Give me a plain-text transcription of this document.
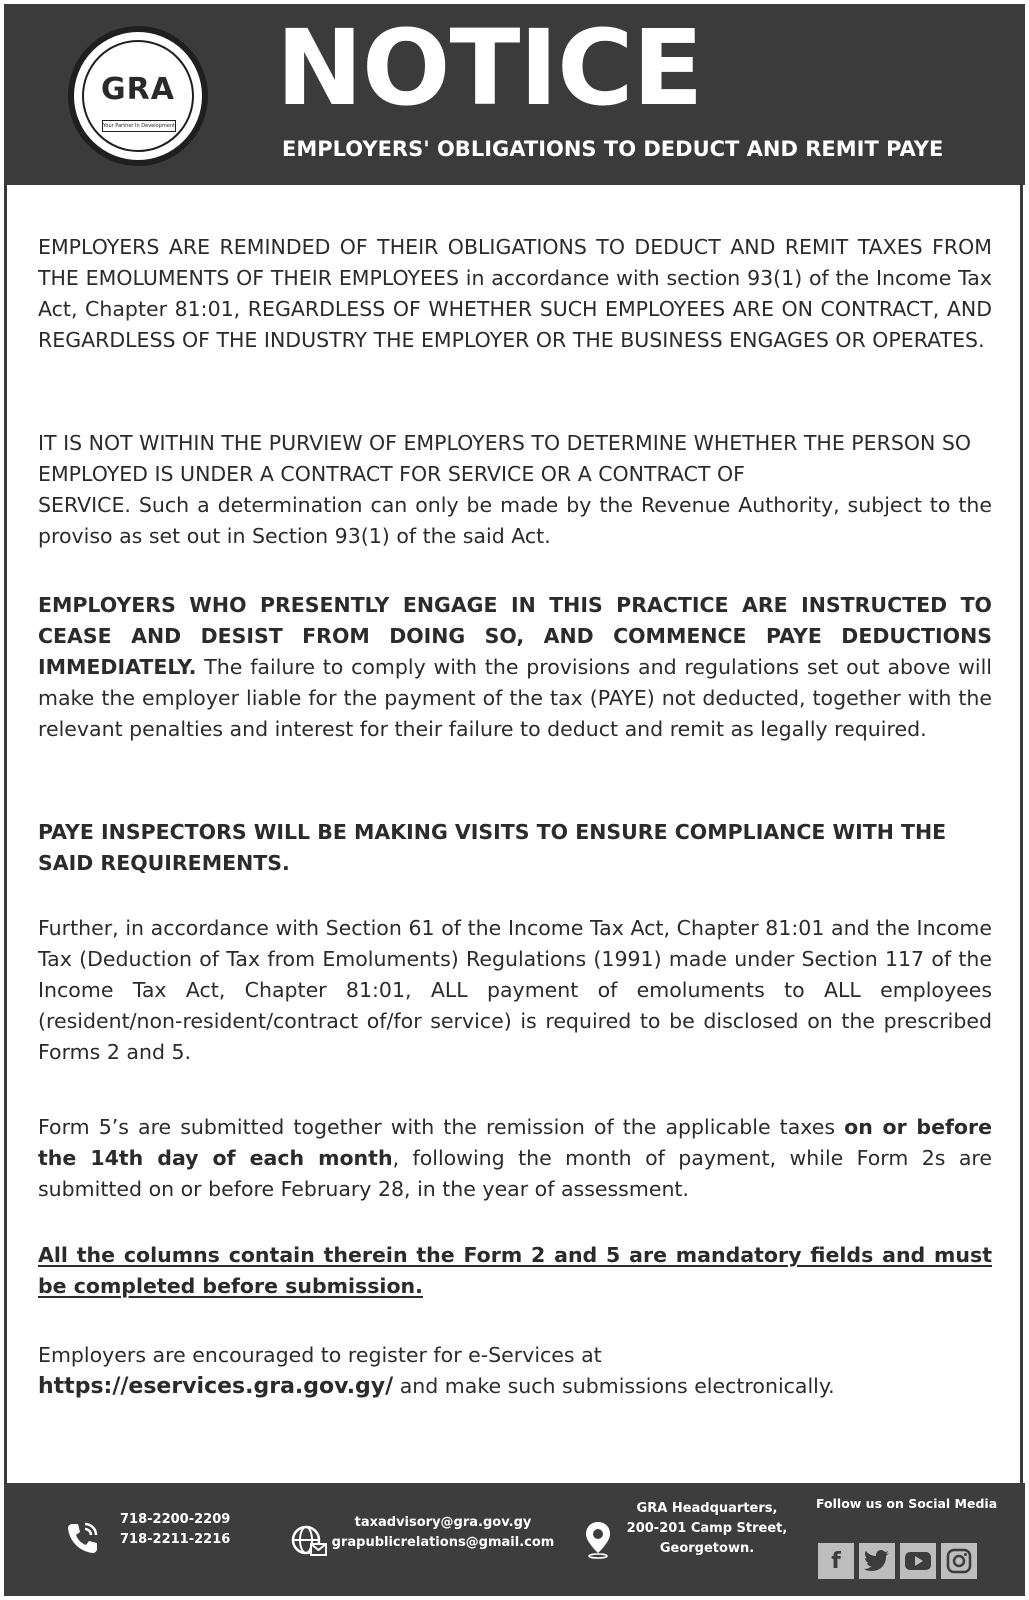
GRA
Your Partner In Development NOTICE
EMPLOYERS' OBLIGATIONS TO DEDUCT AND REMIT PAYE
EMPLOYERS ARE REMINDED OF THEIR OBLIGATIONS TO DEDUCT AND REMIT TAXES FROM THE EMOLUMENTS OF THEIR EMPLOYEES in accordance with section 93(1) of the Income Tax Act, Chapter 81:01, REGARDLESS OF WHETHER SUCH EMPLOYEES ARE ON CONTRACT, AND REGARDLESS OF THE INDUSTRY THE EMPLOYER OR THE BUSINESS ENGAGES OR OPERATES.
IT IS NOT WITHIN THE PURVIEW OF EMPLOYERS TO DETERMINE WHETHER THE PERSON SO
EMPLOYED IS UNDER A CONTRACT FOR SERVICE OR A CONTRACT OF
SERVICE. Such a determination can only be made by the Revenue Authority, subject to the proviso as set out in Section 93(1) of the said Act.
EMPLOYERS WHO PRESENTLY ENGAGE IN THIS PRACTICE ARE INSTRUCTED TO CEASE AND DESIST FROM DOING SO, AND COMMENCE PAYE DEDUCTIONS IMMEDIATELY. The failure to comply with the provisions and regulations set out above will make the employer liable for the payment of the tax (PAYE) not deducted, together with the relevant penalties and interest for their failure to deduct and remit as legally required.
PAYE INSPECTORS WILL BE MAKING VISITS TO ENSURE COMPLIANCE WITH THE SAID REQUIREMENTS.
Further, in accordance with Section 61 of the Income Tax Act, Chapter 81:01 and the Income Tax (Deduction of Tax from Emoluments) Regulations (1991) made under Section 117 of the Income Tax Act, Chapter 81:01, ALL payment of emoluments to ALL employees (resident/non-resident/contract of/for service) is required to be disclosed on the prescribed Forms 2 and 5.
Form 5’s are submitted together with the remission of the applicable taxes on or before the 14th day of each month, following the month of payment, while Form 2s are submitted on or before February 28, in the year of assessment.
All the columns contain therein the Form 2 and 5 are mandatory fields and must be completed before submission.
Employers are encouraged to register for e-Services at
https://eservices.gra.gov.gy/ and make such submissions electronically.
718-2200-2209
718-2211-2216
taxadvisory@gra.gov.gy
grapublicrelations@gmail.com
GRA Headquarters,
200-201 Camp Street,
Georgetown.
Follow us on Social Media
f
